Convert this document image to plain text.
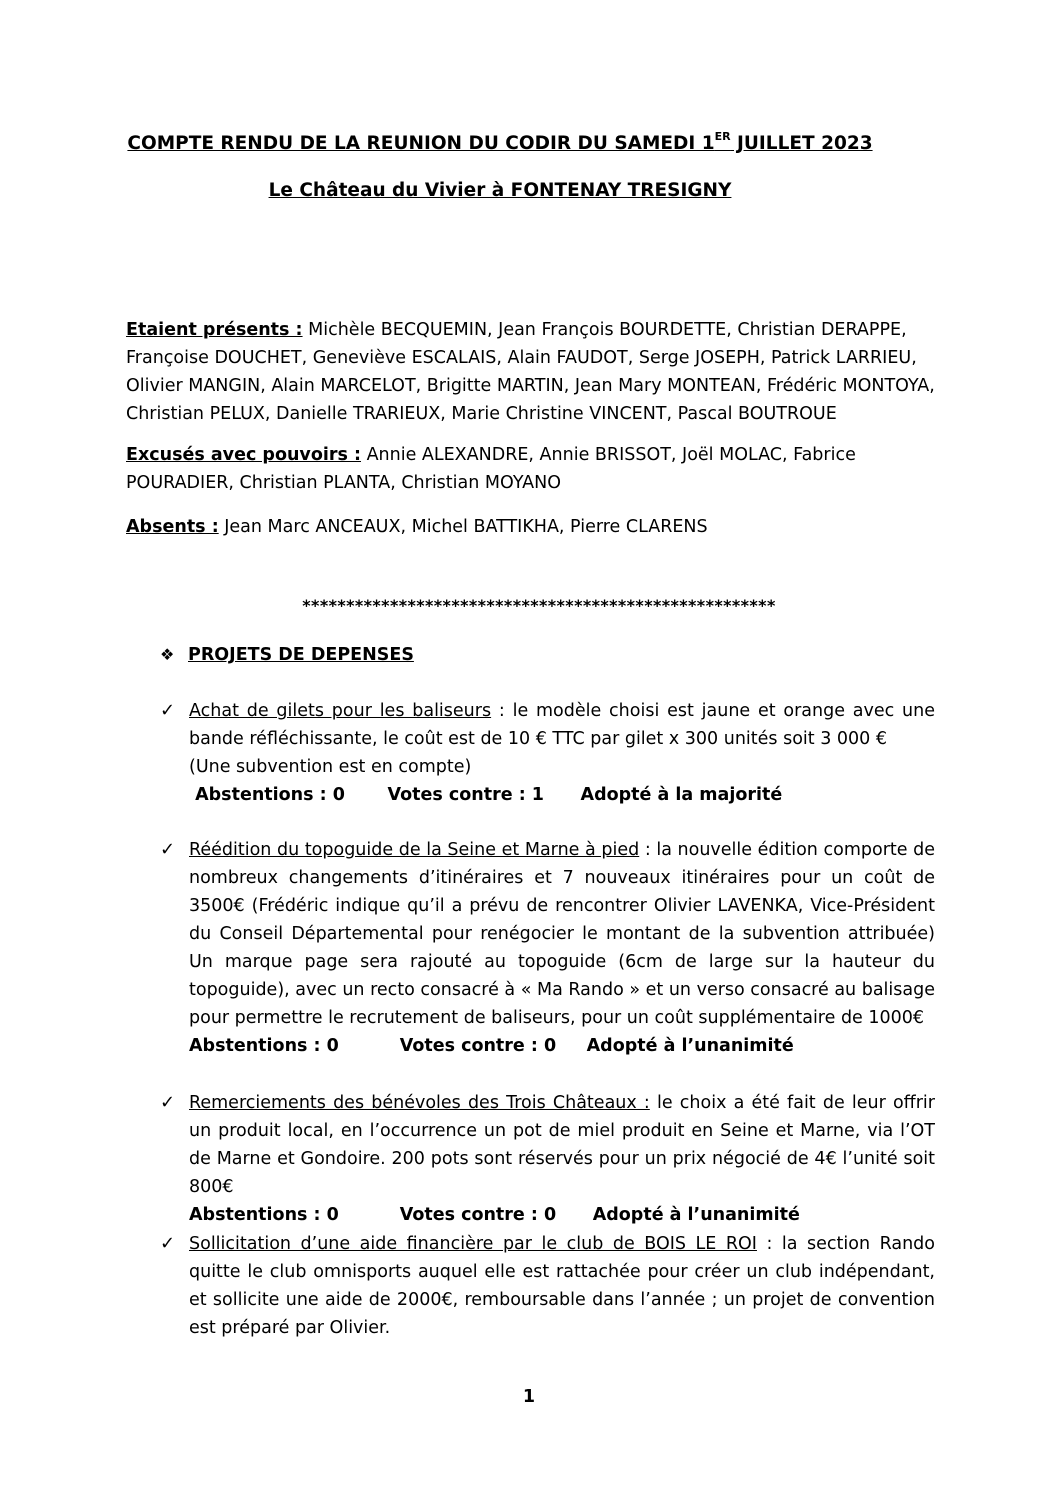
COMPTE RENDU DE LA REUNION DU CODIR DU SAMEDI 1ER JUILLET 2023
Le Château du Vivier à FONTENAY TRESIGNY

Etaient présents : Michèle BECQUEMIN, Jean François BOURDETTE, Christian DERAPPE, Françoise DOUCHET, Geneviève ESCALAIS, Alain FAUDOT, Serge JOSEPH, Patrick LARRIEU, Olivier MANGIN, Alain MARCELOT, Brigitte MARTIN, Jean Mary MONTEAN, Frédéric MONTOYA, Christian PELUX, Danielle TRARIEUX, Marie Christine VINCENT, Pascal BOUTROUE

Excusés avec pouvoirs : Annie ALEXANDRE, Annie BRISSOT, Joël MOLAC, Fabrice POURADIER, Christian PLANTA, Christian MOYANO

Absents : Jean Marc ANCEAUX, Michel BATTIKHA, Pierre CLARENS

******************************************************
❖ PROJETS DE DEPENSES
✓ Achat de gilets pour les baliseurs : le modèle choisi est jaune et orange avec une bande réfléchissante, le coût est de 10 € TTC par gilet x 300 unités soit 3 000 €
(Une subvention est en compte)
Abstentions : 0       Votes contre : 1      Adopté à la majorité
✓ Réédition du topoguide de la Seine et Marne à pied : la nouvelle édition comporte de nombreux changements d’itinéraires et 7 nouveaux itinéraires pour un coût de 3500€ (Frédéric indique qu’il a prévu de rencontrer Olivier LAVENKA, Vice-Président du Conseil Départemental pour renégocier le montant de la subvention attribuée) Un marque page sera rajouté au topoguide (6cm de large sur la hauteur du topoguide), avec un recto consacré à « Ma Rando » et un verso consacré au balisage pour permettre le recrutement de baliseurs, pour un coût supplémentaire de 1000€
Abstentions : 0          Votes contre : 0     Adopté à l’unanimité
✓ Remerciements des bénévoles des Trois Châteaux : le choix a été fait de leur offrir un produit local, en l’occurrence un pot de miel produit en Seine et Marne, via l’OT de Marne et Gondoire. 200 pots sont réservés pour un prix négocié de 4€ l’unité soit 800€
Abstentions : 0          Votes contre : 0      Adopté à l’unanimité
✓ Sollicitation d’une aide financière par le club de BOIS LE ROI : la section Rando quitte le club omnisports auquel elle est rattachée pour créer un club indépendant, et sollicite une aide de 2000€, remboursable dans l’année ; un projet de convention est préparé par Olivier.
1
